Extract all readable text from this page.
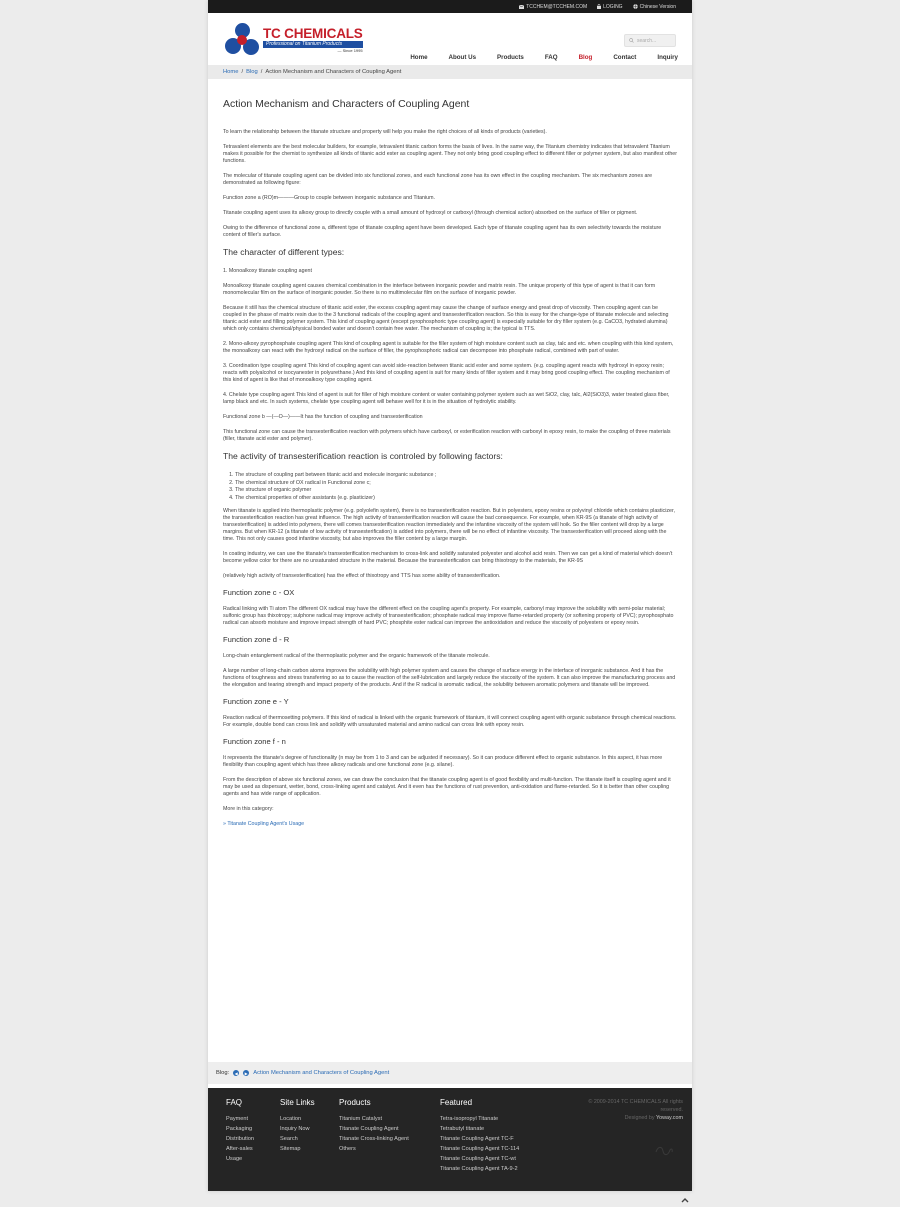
TCCHEM@TCCHEM.COM	LOGING	Chinese Version
TC CHEMICALS
Professional on Titanium Products
— Since 1995
search...
Home	About Us	Products	FAQ	Blog	Contact	Inquiry
Home / Blog / Action Mechanism and Characters of Coupling Agent
Action Mechanism and Characters of Coupling Agent

To learn the relationship between the titanate structure and property will help you make the right choices of all kinds of products (varieties).

Tetravalent elements are the best molecular builders, for example, tetravalent titanic carbon forms the basis of lives. In the same way, the Titanium chemistry indicates that tetravalent Titanium makes it possible for the chemist to synthesize all kinds of titanic acid ester as coupling agent. They not only bring good coupling effect to different filler or polymer system, but also manifest other functions.

The molecular of titanate coupling agent can be divided into six functional zones, and each functional zone has its own effect in the coupling mechanism. The six mechanism zones are demonstrated as following figure:

Function zone a (RO)m———Group to couple between inorganic substance and Titanium.

Titanate coupling agent uses its alkoxy group to directly couple with a small amount of hydroxyl or carboxyl (through chemical action) absorbed on the surface of filler or pigment.

Owing to the difference of functional zone a, different type of titanate coupling agent have been developed. Each type of titanate coupling agent has its own selectivity towards the moisture content of filler's surface.

The character of different types:

1. Monoalkoxy titanate coupling agent

Monoalkoxy titanate coupling agent causes chemical combination in the interface between inorganic powder and matrix resin. The unique property of this type of agent is that it can form monomolecular film on the surface of inorganic powder. So there is no multimolecular film on the surface of inorganic powder.

Because it still has the chemical structure of titanic acid ester, the excess coupling agent may cause the change of surface energy and great drop of viscosity. Then coupling agent can be coupled in the phase of matrix resin due to the 3 functional radicals of the coupling agent and transesterification reaction. So this is easy for the change-type of titanate molecule and selecting titanic acid ester and filling polymer system. This kind of coupling agent (except pyrophosphoric type coupling agent) is especially suitable for dry filler system (e.g. CaCO3, hydrated alumina) which only contains chemical/physical bonded water and doesn't contain free water. The mechanism of coupling is; the typical is TTS.

2. Mono-alkoxy pyrophosphate coupling agent This kind of coupling agent is suitable for the filler system of high moisture content such as clay, talc and etc. when coupling with this kind system, the monoalkoxy can react with the hydroxyl radical on the surface of filler, the pyrophosphoric radical can decompose into phosphate radical, combined with part of water.

3. Coordination type coupling agent This kind of coupling agent can avoid side-reaction between titanic acid ester and some system. (e.g. coupling agent reacts with hydroxyl in epoxy resin; reacts with polyalcohol or isocyanester in polyurethane.) And this kind of coupling agent is suit for many kinds of filler system and it may bring good coupling effect. The coupling mechanism of this kind of agent is like that of monoalkoxy type coupling agent.

4. Chelate type coupling agent This kind of agent is suit for filler of high moisture content or water containing polymer system such as wet SiO2, clay, talc, Al2(SiO3)3, water treated glass fiber, lamp black and etc. In such systems, chelate type coupling agent will behave well for it is in the situation of hydrolytic stability.

Functional zone b —(—O—)——It has the function of coupling and transesterification

This functional zone can cause the transesterification reaction with polymers which have carboxyl, or esterification reaction with carboxyl in epoxy resin, to make the coupling of three materials (filler, titanate acid ester and polymer).

The activity of transesterification reaction is controled by following factors:
1. The structure of coupling part between titanic acid and molecule inorganic substance ;
2. The chemical structure of OX radical in Functional zone c;
3. The structure of organic polymer
4. The chemical properties of other assistants (e.g. plasticizer)

When titanate is applied into thermoplastic polymer (e.g. polyolefin system), there is no transesterification reaction. But in polyesters, epoxy resins or polyvinyl chloride which contains plasticizer, the transesterification reaction has great influence. The high activity of transesterification reaction will cause the bad consequence. For example, when KR-9S (a titanate of high activity of transesterification) is added into polymers, there will comes transesterification reaction immediately and the infantine viscosity of the system will hoik. So the filler content will drop by a large margins. But when KR-12 (a titanate of low activity of transesterification) is added into polymers, there will be no effect of infantine viscosity. The transesterification will proceed along with the time. This not only causes good infantine viscosity, but also improves the filler content by a large margin.

In coating industry, we can use the titanate's transesterification mechanism to cross-link and solidify saturated polyester and alcohol acid resin. Then we can get a kind of material which doesn't become yellow color for there are no unsaturated structure in the material. Because the transesterification can bring thixotropy to the materials, the KR-9S

(relatively high activity of transesterification) has the effect of thixotropy and TTS has some ability of transesterification.

Function zone c - OX

Radical linking with Ti atom The different OX radical may have the different effect on the coupling agent's property. For example, carbonyl may improve the solubility with semi-polar material; sulfonic group has thixotropy; sulphone radical may improve activity of transesterification; phosphate radical may improve flame-retarded property (or softening property of PVC); pyrophosphato radical can absorb moisture and improve impact strength of hard PVC; phosphite ester radical can improve the antioxidation and reduce the viscosity of polyesters or epoxy resin.

Function zone d - R

Long-chain entanglement radical of the thermoplastic polymer and the organic framework of the titanate molecule.

A large number of long-chain carbon atoms improves the solubility with high polymer system and causes the change of surface energy in the interface of inorganic substance. And it has the functions of toughness and stress transferring so as to cause the reaction of the self-lubrication and largely reduce the viscosity of the system. It can also improve the manufacturing process and the elongation and tearing strength and impact property of the products. And if the R radical is aromatic radical, the solubility between aromatic polymers and titanate will be improved.

Function zone e - Y

Reaction radical of thermosetting polymers. If this kind of radical is linked with the organic framework of titanium, it will connect coupling agent with organic substance through chemical reactions. For example, double bond can cross link and solidify with unsaturated material and amino radical can cross link with epoxy resin.

Function zone f - n

It represents the titanate's degree of functionality (n may be from 1 to 3 and can be adjusted if necessary). So it can produce different effect to organic substance. In this aspect, it has more flexibility than coupling agent which has three alkoxy radicals and one functional zone (e.g. silane).

From the description of above six functional zones, we can draw the conclusion that the titanate coupling agent is of good flexibility and multi-function. The titanate itself is coupling agent and it may be used as dispersant, wetter, bond, cross-linking agent and catalyst. And it even has the functions of rust prevention, anti-oxidation and flame-retarded. So it is better than other coupling agents and has wide range of application.

More in this category:

» Titanate Coupling Agent's Usage

Blog:	◀	▶ Action Mechanism and Characters of Coupling Agent
FAQ
Payment
Packaging
Distribution
After-sales
Usage
Site Links
Location
Inquiry Now
Search
Sitemap
Products
Titanium Catalyst
Titanate Coupling Agent
Titanate Cross-linking Agent
Others
Featured
Tetra-isopropyl Titanate
Tetrabutyl titanate
Titanate Coupling Agent TC-F
Titanate Coupling Agent TC-114
Titanate Coupling Agent TC-wt
Titanate Coupling Agent TA-9-2
© 2009-2014 TC CHEMICALS All rights reserved.
Designed by Yoway.com
